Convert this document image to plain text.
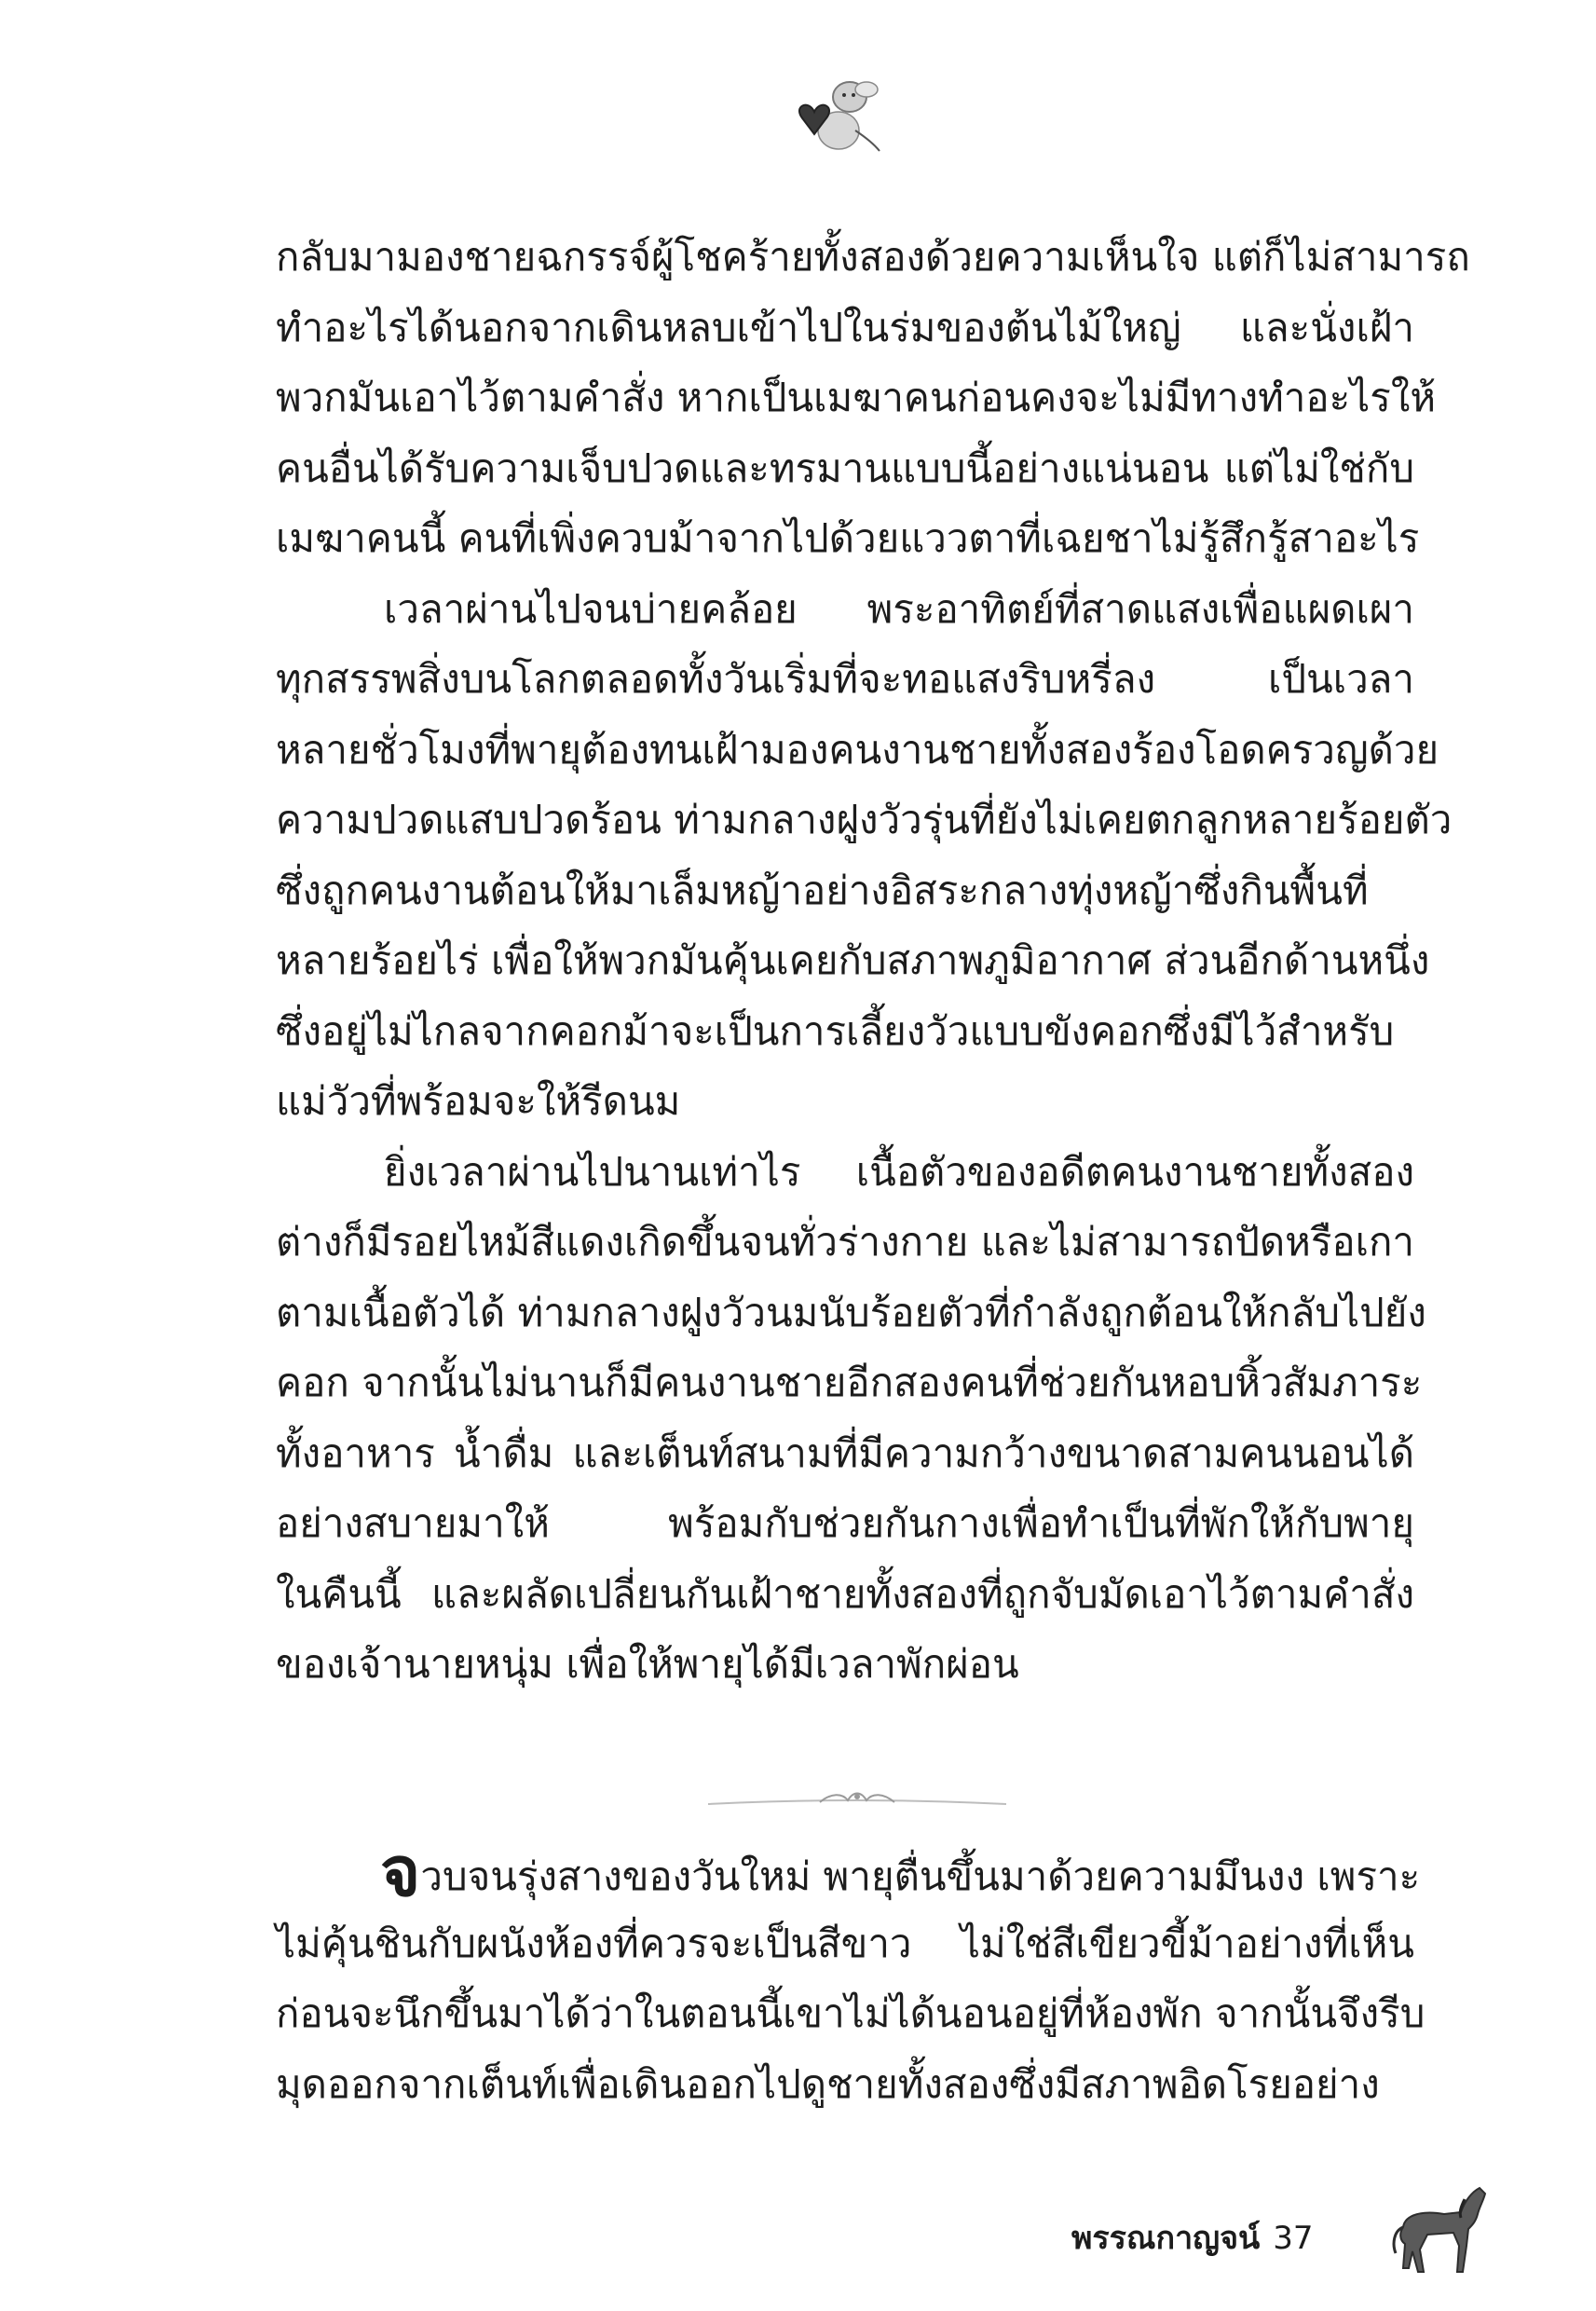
กลับมามองชายฉกรรจ์ผู้โชคร้ายทั้งสองด้วยความเห็นใจ แต่ก็ไม่สามารถ
ทำอะไรได้นอกจากเดินหลบเข้าไปในร่มของต้นไม้ใหญ่ และนั่งเฝ้า
พวกมันเอาไว้ตามคำสั่ง หากเป็นเมฆาคนก่อนคงจะไม่มีทางทำอะไรให้
คนอื่นได้รับความเจ็บปวดและทรมานแบบนี้อย่างแน่นอน แต่ไม่ใช่กับ
เมฆาคนนี้ คนที่เพิ่งควบม้าจากไปด้วยแววตาที่เฉยชาไม่รู้สึกรู้สาอะไร
เวลาผ่านไปจนบ่ายคล้อย พระอาทิตย์ที่สาดแสงเพื่อแผดเผา
ทุกสรรพสิ่งบนโลกตลอดทั้งวันเริ่มที่จะทอแสงริบหรี่ลง เป็นเวลา
หลายชั่วโมงที่พายุต้องทนเฝ้ามองคนงานชายทั้งสองร้องโอดครวญด้วย
ความปวดแสบปวดร้อน ท่ามกลางฝูงวัวรุ่นที่ยังไม่เคยตกลูกหลายร้อยตัว
ซึ่งถูกคนงานต้อนให้มาเล็มหญ้าอย่างอิสระกลางทุ่งหญ้าซึ่งกินพื้นที่
หลายร้อยไร่ เพื่อให้พวกมันคุ้นเคยกับสภาพภูมิอากาศ ส่วนอีกด้านหนึ่ง
ซึ่งอยู่ไม่ไกลจากคอกม้าจะเป็นการเลี้ยงวัวแบบขังคอกซึ่งมีไว้สำหรับ
แม่วัวที่พร้อมจะให้รีดนม
ยิ่งเวลาผ่านไปนานเท่าไร เนื้อตัวของอดีตคนงานชายทั้งสอง
ต่างก็มีรอยไหม้สีแดงเกิดขึ้นจนทั่วร่างกาย และไม่สามารถปัดหรือเกา
ตามเนื้อตัวได้ ท่ามกลางฝูงวัวนมนับร้อยตัวที่กำลังถูกต้อนให้กลับไปยัง
คอก จากนั้นไม่นานก็มีคนงานชายอีกสองคนที่ช่วยกันหอบหิ้วสัมภาระ
ทั้งอาหาร น้ำดื่ม และเต็นท์สนามที่มีความกว้างขนาดสามคนนอนได้
อย่างสบายมาให้ พร้อมกับช่วยกันกางเพื่อทำเป็นที่พักให้กับพายุ
ในคืนนี้ และผลัดเปลี่ยนกันเฝ้าชายทั้งสองที่ถูกจับมัดเอาไว้ตามคำสั่ง
ของเจ้านายหนุ่ม เพื่อให้พายุได้มีเวลาพักผ่อน
จวบจนรุ่งสางของวันใหม่ พายุตื่นขึ้นมาด้วยความมึนงง เพราะ
ไม่คุ้นชินกับผนังห้องที่ควรจะเป็นสีขาว ไม่ใช่สีเขียวขี้ม้าอย่างที่เห็น
ก่อนจะนึกขึ้นมาได้ว่าในตอนนี้เขาไม่ได้นอนอยู่ที่ห้องพัก จากนั้นจึงรีบ
มุดออกจากเต็นท์เพื่อเดินออกไปดูชายทั้งสองซึ่งมีสภาพอิดโรยอย่าง
พรรณกาญจน์ 37
